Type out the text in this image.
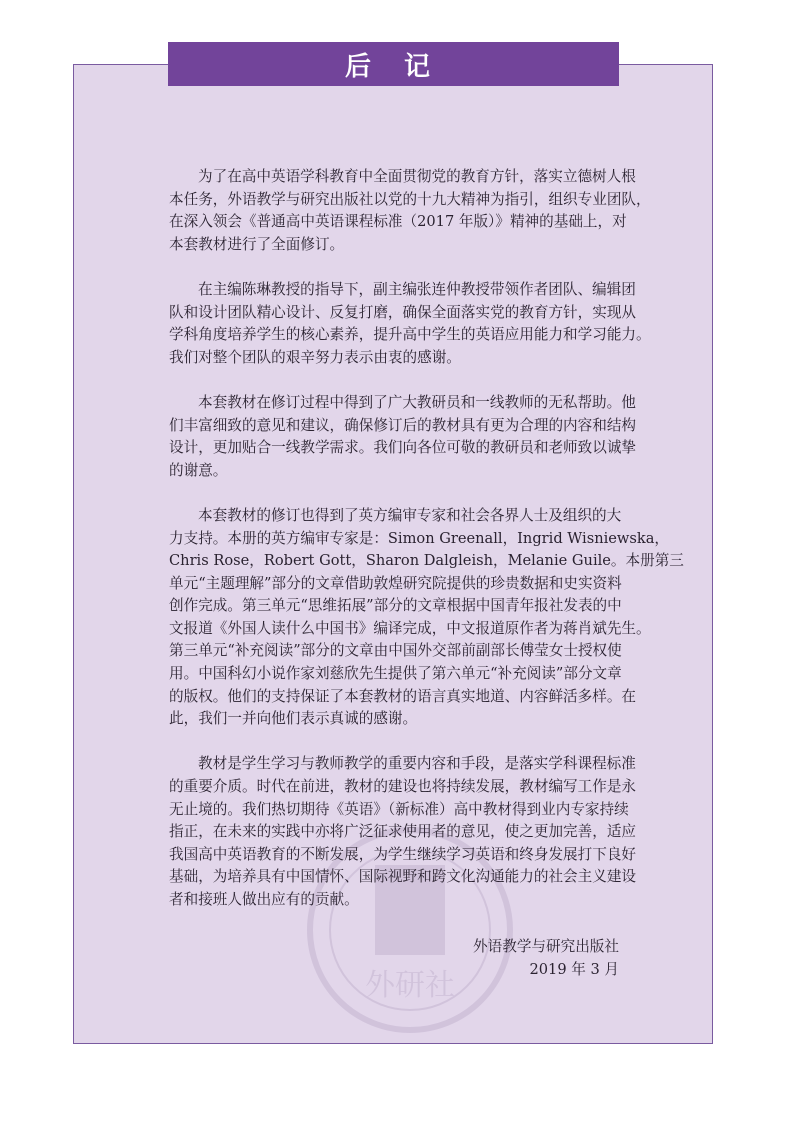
后 记
外研社
为了在高中英语学科教育中全面贯彻党的教育方针，落实立德树人根
本任务，外语教学与研究出版社以党的十九大精神为指引，组织专业团队，
在深入领会《普通高中英语课程标准（2017 年版）》精神的基础上，对
本套教材进行了全面修订。
在主编陈琳教授的指导下，副主编张连仲教授带领作者团队、编辑团
队和设计团队精心设计、反复打磨，确保全面落实党的教育方针，实现从
学科角度培养学生的核心素养，提升高中学生的英语应用能力和学习能力。
我们对整个团队的艰辛努力表示由衷的感谢。
本套教材在修订过程中得到了广大教研员和一线教师的无私帮助。他
们丰富细致的意见和建议，确保修订后的教材具有更为合理的内容和结构
设计，更加贴合一线教学需求。我们向各位可敬的教研员和老师致以诚挚
的谢意。
本套教材的修订也得到了英方编审专家和社会各界人士及组织的大
力支持。本册的英方编审专家是：Simon Greenall，Ingrid Wisniewska，
Chris Rose，Robert Gott，Sharon Dalgleish，Melanie Guile。本册第三
单元“主题理解”部分的文章借助敦煌研究院提供的珍贵数据和史实资料
创作完成。第三单元“思维拓展”部分的文章根据中国青年报社发表的中
文报道《外国人读什么中国书》编译完成，中文报道原作者为蒋肖斌先生。
第三单元“补充阅读”部分的文章由中国外交部前副部长傅莹女士授权使
用。中国科幻小说作家刘慈欣先生提供了第六单元“补充阅读”部分文章
的版权。他们的支持保证了本套教材的语言真实地道、内容鲜活多样。在
此，我们一并向他们表示真诚的感谢。
教材是学生学习与教师教学的重要内容和手段，是落实学科课程标准
的重要介质。时代在前进，教材的建设也将持续发展，教材编写工作是永
无止境的。我们热切期待《英语》（新标准）高中教材得到业内专家持续
指正，在未来的实践中亦将广泛征求使用者的意见，使之更加完善，适应
我国高中英语教育的不断发展，为学生继续学习英语和终身发展打下良好
基础，为培养具有中国情怀、国际视野和跨文化沟通能力的社会主义建设
者和接班人做出应有的贡献。
外语教学与研究出版社
2019 年 3 月
